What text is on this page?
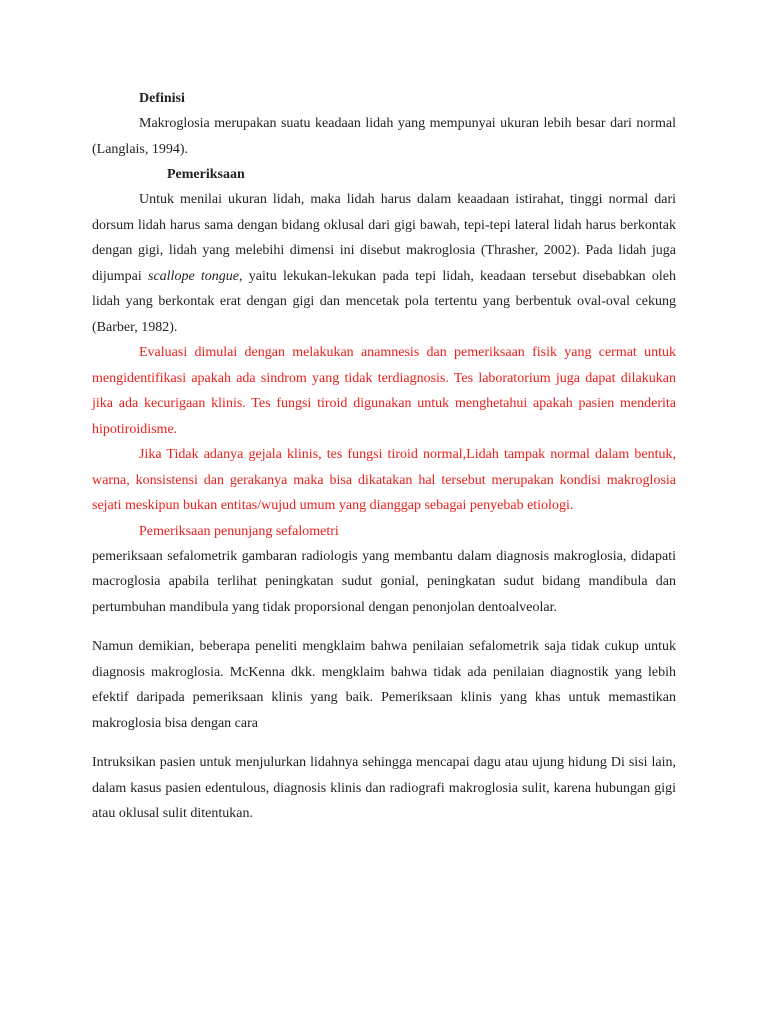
Definisi

Makroglosia merupakan suatu keadaan lidah yang mempunyai ukuran lebih besar dari normal (Langlais, 1994).

Pemeriksaan

Untuk menilai ukuran lidah, maka lidah harus dalam keaadaan istirahat, tinggi normal dari dorsum lidah harus sama dengan bidang oklusal dari gigi bawah, tepi-tepi lateral lidah harus berkontak dengan gigi, lidah yang melebihi dimensi ini disebut makroglosia (Thrasher, 2002). Pada lidah juga dijumpai scallope tongue, yaitu lekukan-lekukan pada tepi lidah, keadaan tersebut disebabkan oleh lidah yang berkontak erat dengan gigi dan mencetak pola tertentu yang berbentuk oval-oval cekung (Barber, 1982).

Evaluasi dimulai dengan melakukan anamnesis dan pemeriksaan fisik yang cermat untuk mengidentifikasi apakah ada sindrom yang tidak terdiagnosis. Tes laboratorium juga dapat dilakukan jika ada kecurigaan klinis. Tes fungsi tiroid digunakan untuk menghetahui apakah pasien menderita hipotiroidisme.

Jika Tidak adanya gejala klinis, tes fungsi tiroid normal,Lidah tampak normal dalam bentuk, warna, konsistensi dan gerakanya maka bisa dikatakan hal tersebut merupakan kondisi makroglosia sejati meskipun bukan entitas/wujud umum yang dianggap sebagai penyebab etiologi.

Pemeriksaan penunjang sefalometri

pemeriksaan sefalometrik gambaran radiologis yang membantu dalam diagnosis makroglosia, didapati macroglosia apabila terlihat peningkatan sudut gonial, peningkatan sudut bidang mandibula dan pertumbuhan mandibula yang tidak proporsional dengan penonjolan dentoalveolar.

Namun demikian, beberapa peneliti mengklaim bahwa penilaian sefalometrik saja tidak cukup untuk diagnosis makroglosia. McKenna dkk. mengklaim bahwa tidak ada penilaian diagnostik yang lebih efektif daripada pemeriksaan klinis yang baik. Pemeriksaan klinis yang khas untuk memastikan makroglosia bisa dengan cara

Intruksikan pasien untuk menjulurkan lidahnya sehingga mencapai dagu atau ujung hidung Di sisi lain, dalam kasus pasien edentulous, diagnosis klinis dan radiografi makroglosia sulit, karena hubungan gigi atau oklusal sulit ditentukan.
